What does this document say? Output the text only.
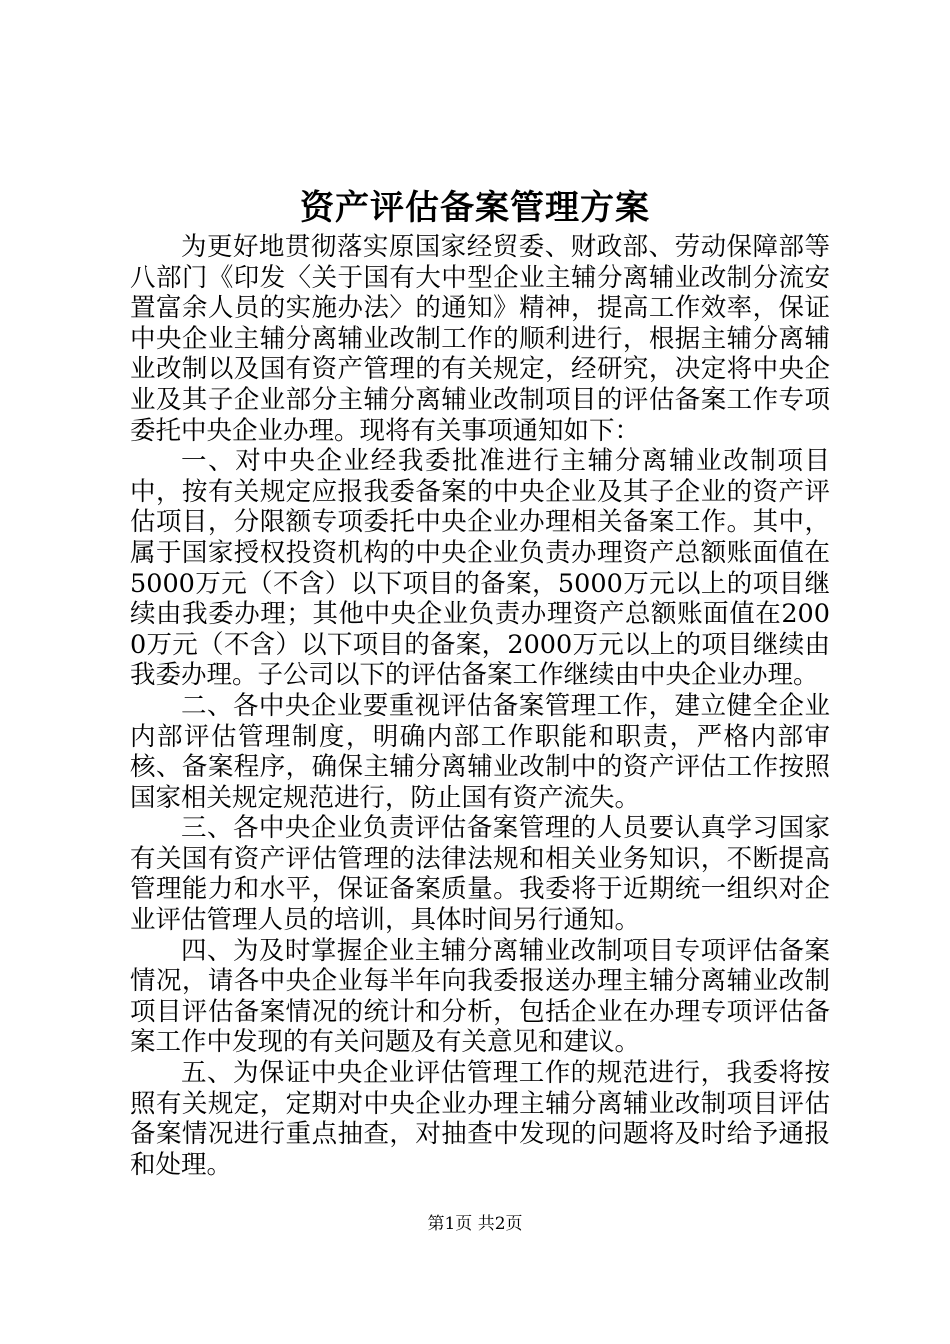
资产评估备案管理方案

为更好地贯彻落实原国家经贸委、财政部、劳动保障部等八部门《印发〈关于国有大中型企业主辅分离辅业改制分流安置富余人员的实施办法〉的通知》精神，提高工作效率，保证中央企业主辅分离辅业改制工作的顺利进行，根据主辅分离辅业改制以及国有资产管理的有关规定，经研究，决定将中央企业及其子企业部分主辅分离辅业改制项目的评估备案工作专项委托中央企业办理。现将有关事项通知如下：

一、对中央企业经我委批准进行主辅分离辅业改制项目中，按有关规定应报我委备案的中央企业及其子企业的资产评估项目，分限额专项委托中央企业办理相关备案工作。其中，属于国家授权投资机构的中央企业负责办理资产总额账面值在5000万元（不含）以下项目的备案，5000万元以上的项目继续由我委办理；其他中央企业负责办理资产总额账面值在2000万元（不含）以下项目的备案，2000万元以上的项目继续由我委办理。子公司以下的评估备案工作继续由中央企业办理。

二、各中央企业要重视评估备案管理工作，建立健全企业内部评估管理制度，明确内部工作职能和职责，严格内部审核、备案程序，确保主辅分离辅业改制中的资产评估工作按照国家相关规定规范进行，防止国有资产流失。

三、各中央企业负责评估备案管理的人员要认真学习国家有关国有资产评估管理的法律法规和相关业务知识，不断提高管理能力和水平，保证备案质量。我委将于近期统一组织对企业评估管理人员的培训，具体时间另行通知。

四、为及时掌握企业主辅分离辅业改制项目专项评估备案情况，请各中央企业每半年向我委报送办理主辅分离辅业改制项目评估备案情况的统计和分析，包括企业在办理专项评估备案工作中发现的有关问题及有关意见和建议。

五、为保证中央企业评估管理工作的规范进行，我委将按照有关规定，定期对中央企业办理主辅分离辅业改制项目评估备案情况进行重点抽查，对抽查中发现的问题将及时给予通报和处理。

第1页 共2页
